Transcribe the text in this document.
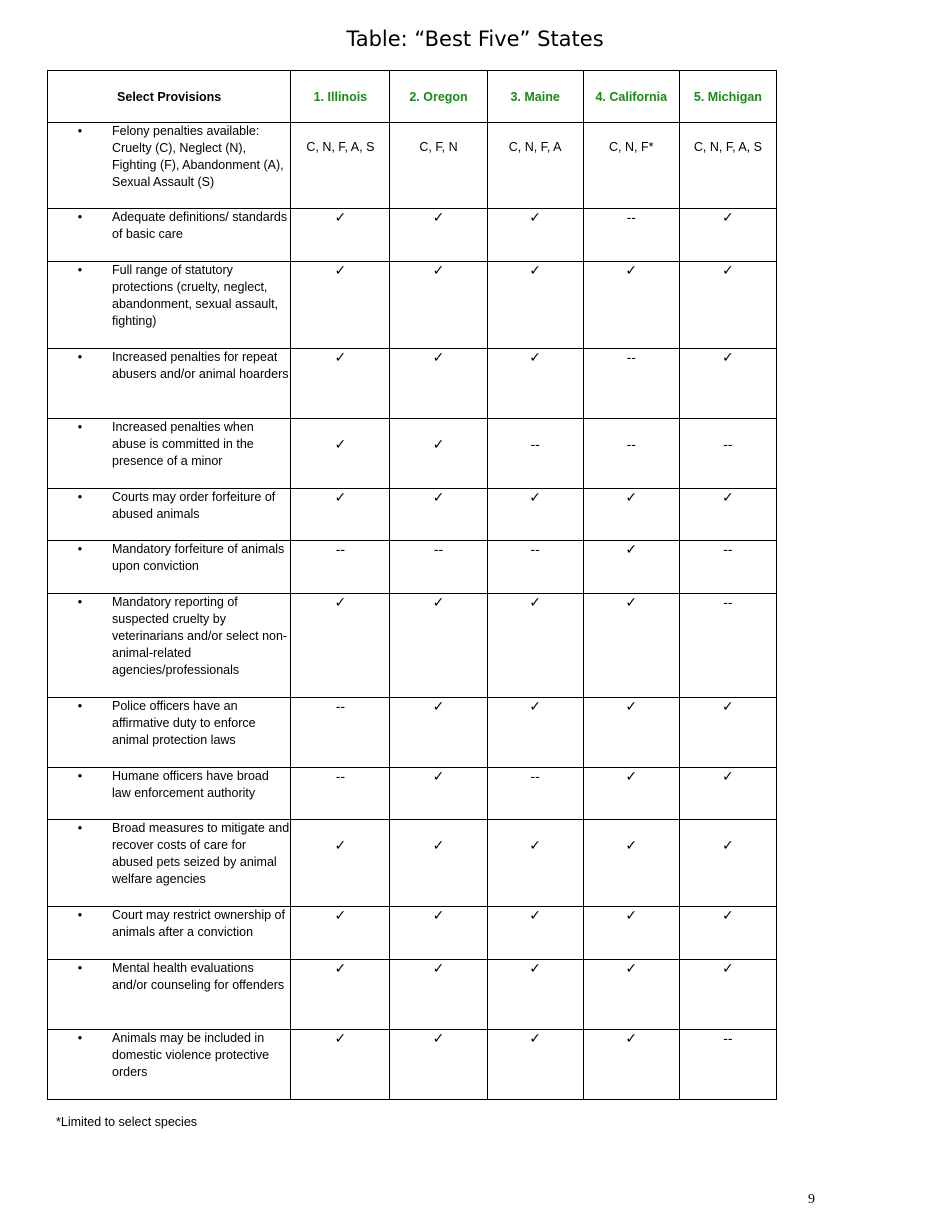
Table: “Best Five” States
Select Provisions	1. Illinois	2. Oregon	3. Maine	4. California	5. Michigan

• Felony penalties available: Cruelty (C), Neglect (N), Fighting (F), Abandonment (A), Sexual Assault (S)	C, N, F, A, S	C, F, N	C, N, F, A	C, N, F*	C, N, F, A, S

• Adequate definitions/ standards of basic care	✓	✓	✓	--	✓

• Full range of statutory protections (cruelty, neglect, abandonment, sexual assault, fighting)	✓	✓	✓	✓	✓

• Increased penalties for repeat abusers and/or animal hoarders	✓	✓	✓	--	✓

• Increased penalties when abuse is committed in the presence of a minor	✓	✓	--	--	--

• Courts may order forfeiture of abused animals	✓	✓	✓	✓	✓

• Mandatory forfeiture of animals upon conviction	--	--	--	✓	--

• Mandatory reporting of suspected cruelty by veterinarians and/or select non-animal-related agencies/professionals	✓	✓	✓	✓	--

• Police officers have an affirmative duty to enforce animal protection laws	--	✓	✓	✓	✓

• Humane officers have broad law enforcement authority	--	✓	--	✓	✓

• Broad measures to mitigate and recover costs of care for abused pets seized by animal welfare agencies	✓	✓	✓	✓	✓

• Court may restrict ownership of animals after a conviction	✓	✓	✓	✓	✓

• Mental health evaluations and/or counseling for offenders	✓	✓	✓	✓	✓

• Animals may be included in domestic violence protective orders	✓	✓	✓	✓	--
*Limited to select species
9
